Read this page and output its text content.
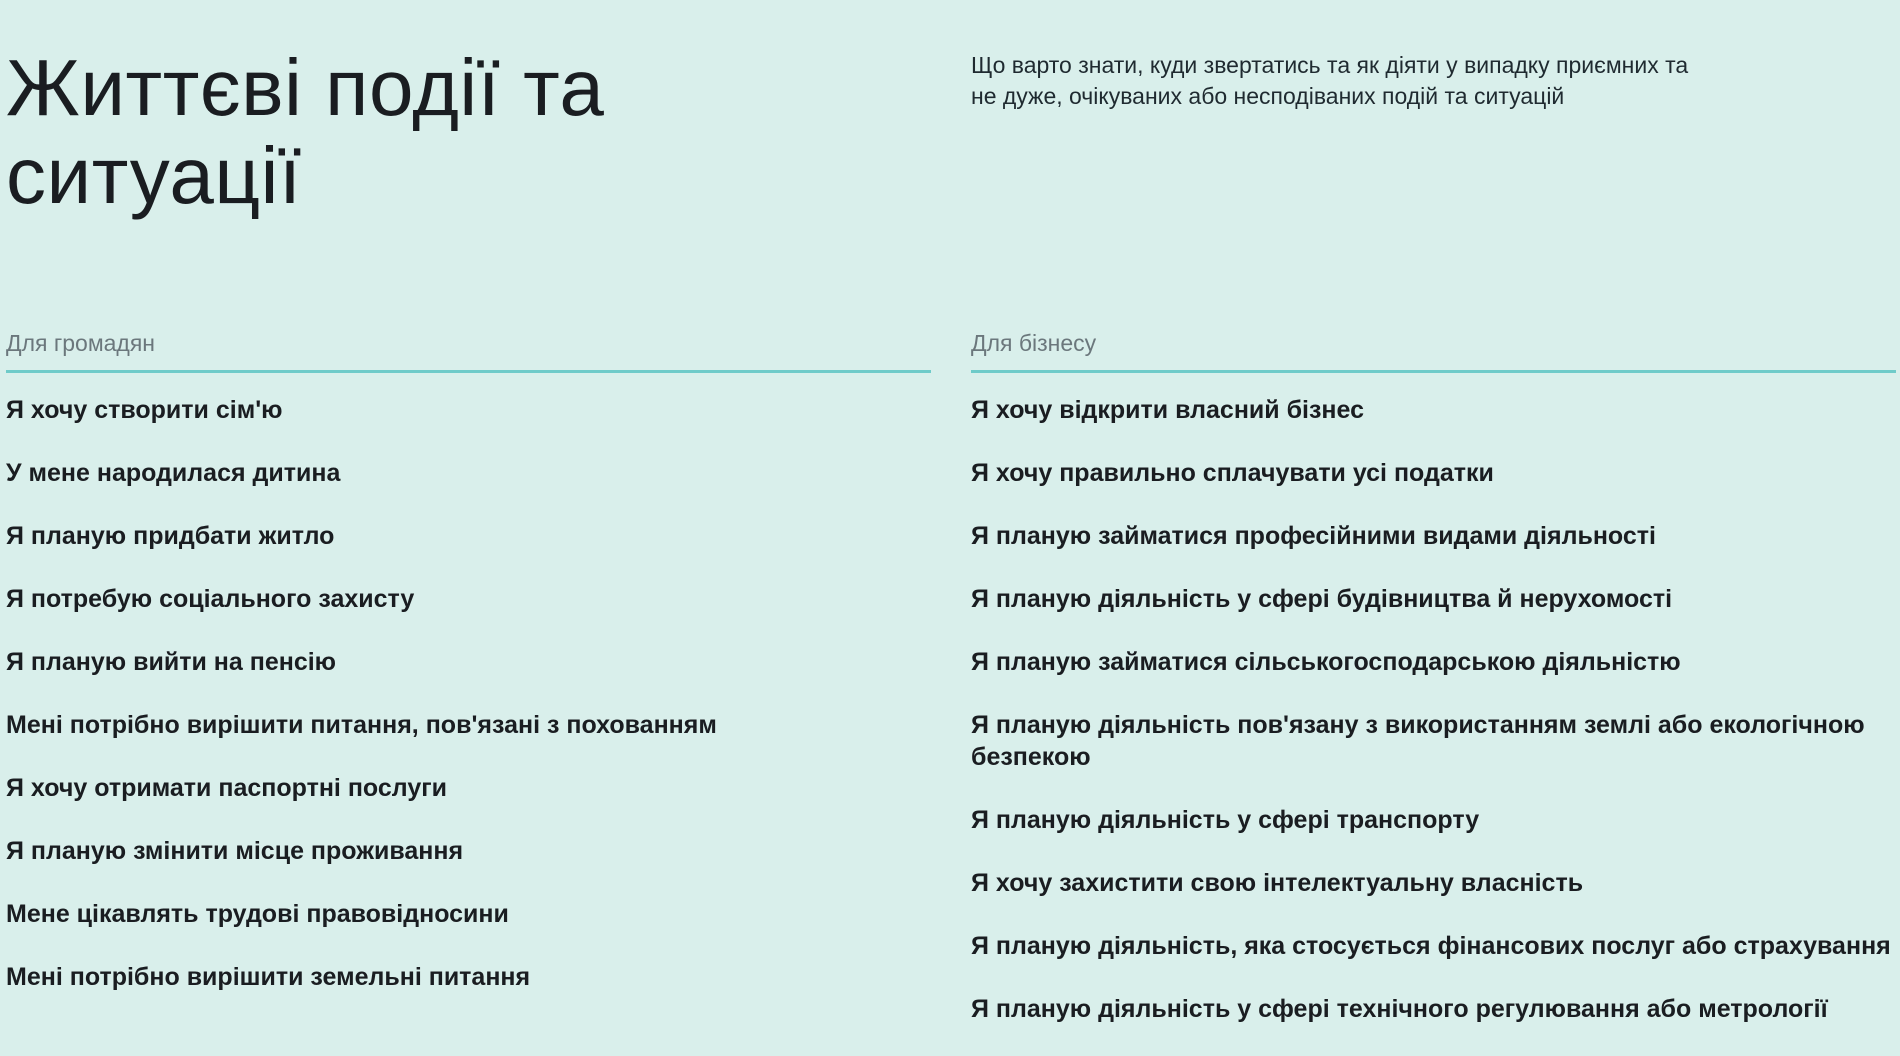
Життєві події та ситуації

Що варто знати, куди звертатись та як діяти у випадку приємних та не дуже, очікуваних або несподіваних подій та ситуацій

Для громадян
Я хочу створити сім'ю
У мене народилася дитина
Я планую придбати житло
Я потребую соціального захисту
Я планую вийти на пенсію
Мені потрібно вирішити питання, пов'язані з похованням
Я хочу отримати паспортні послуги
Я планую змінити місце проживання
Мене цікавлять трудові правовідносини
Мені потрібно вирішити земельні питання
Для бізнесу
Я хочу відкрити власний бізнес
Я хочу правильно сплачувати усі податки
Я планую займатися професійними видами діяльності
Я планую діяльність у сфері будівництва й нерухомості
Я планую займатися сільськогосподарською діяльністю
Я планую діяльність пов'язану з використанням землі або екологічною безпекою
Я планую діяльність у сфері транспорту
Я хочу захистити свою інтелектуальну власність
Я планую діяльність, яка стосується фінансових послуг або страхування
Я планую діяльність у сфері технічного регулювання або метрології
